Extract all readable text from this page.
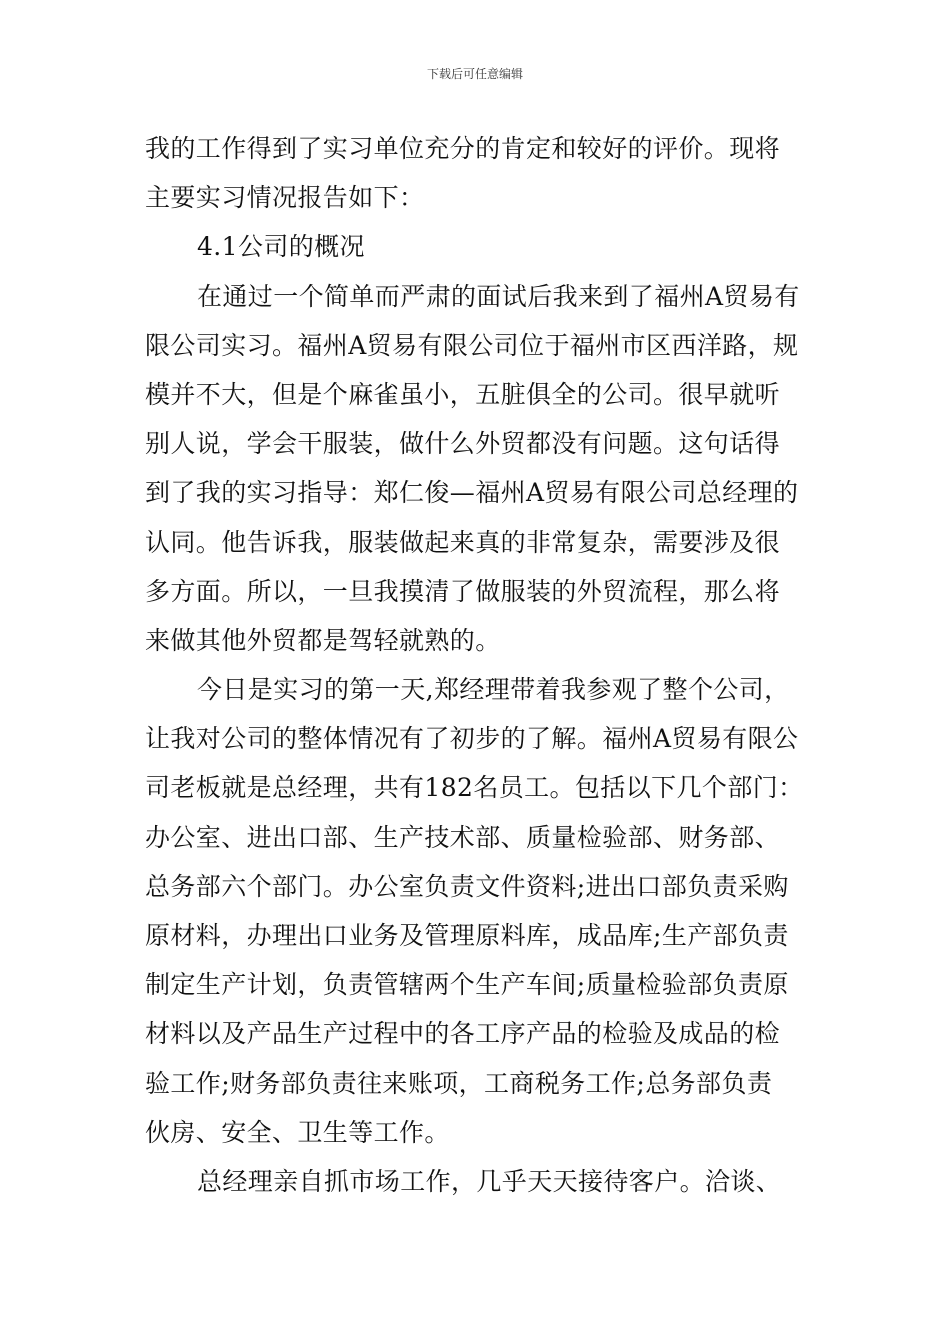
下载后可任意编辑
我的工作得到了实习单位充分的肯定和较好的评价。现将
主要实习情况报告如下：
4.1公司的概况
在通过一个简单而严肃的面试后我来到了福州A贸易有
限公司实习。福州A贸易有限公司位于福州市区西洋路，规
模并不大，但是个麻雀虽小，五脏俱全的公司。很早就听
别人说，学会干服装，做什么外贸都没有问题。这句话得
到了我的实习指导：郑仁俊—福州A贸易有限公司总经理的
认同。他告诉我，服装做起来真的非常复杂，需要涉及很
多方面。所以，一旦我摸清了做服装的外贸流程，那么将
来做其他外贸都是驾轻就熟的。
今日是实习的第一天,郑经理带着我参观了整个公司，
让我对公司的整体情况有了初步的了解。福州A贸易有限公
司老板就是总经理，共有182名员工。包括以下几个部门：
办公室、进出口部、生产技术部、质量检验部、财务部、
总务部六个部门。办公室负责文件资料;进出口部负责采购
原材料，办理出口业务及管理原料库，成品库;生产部负责
制定生产计划，负责管辖两个生产车间;质量检验部负责原
材料以及产品生产过程中的各工序产品的检验及成品的检
验工作;财务部负责往来账项，工商税务工作;总务部负责
伙房、安全、卫生等工作。
总经理亲自抓市场工作，几乎天天接待客户。洽谈、
